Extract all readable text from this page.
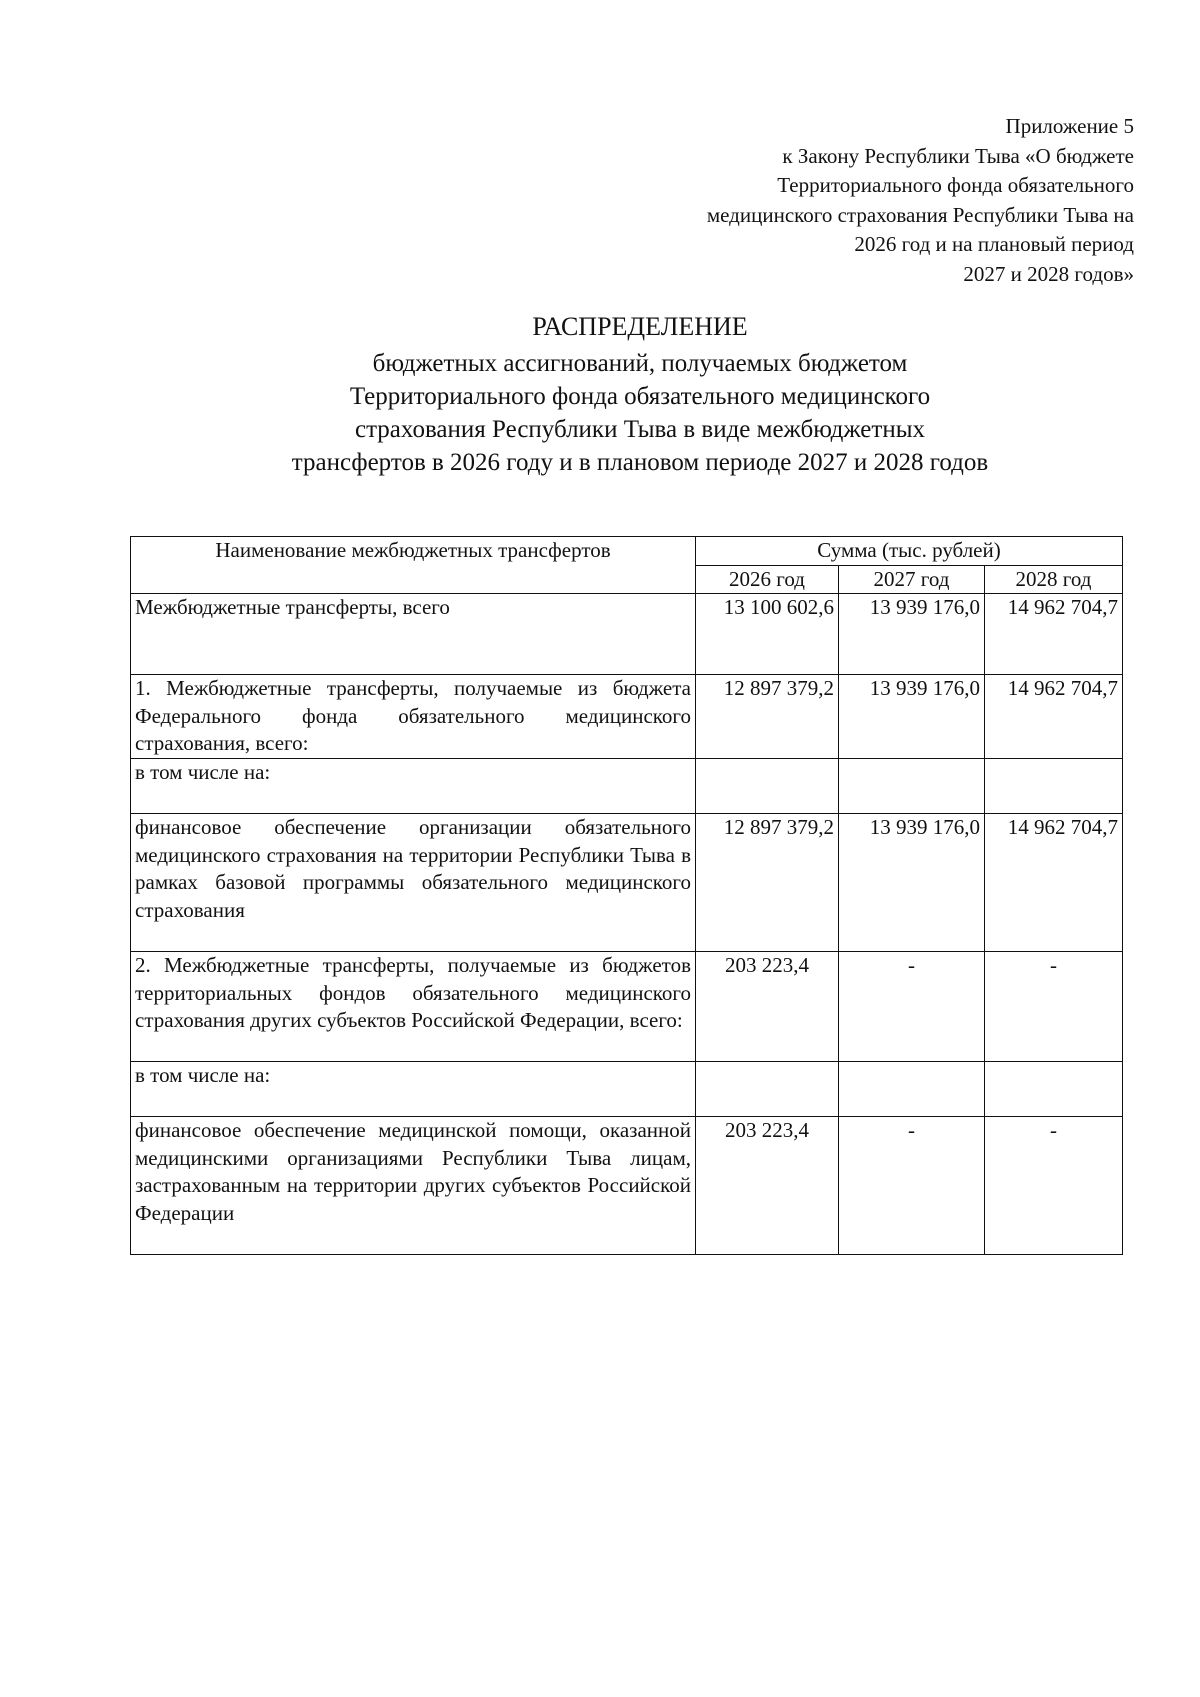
Приложение 5
к Закону Республики Тыва «О бюджете
Территориального фонда обязательного
медицинского страхования Республики Тыва на
2026 год и на плановый период
2027 и 2028 годов»
РАСПРЕДЕЛЕНИЕ
бюджетных ассигнований, получаемых бюджетом
Территориального фонда обязательного медицинского
страхования Республики Тыва в виде межбюджетных
трансфертов в 2026 году и в плановом периоде 2027 и 2028 годов
Наименование межбюджетных трансфертов	Сумма (тыс. рублей)		
	2026 год	2027 год	2028 год
Межбюджетные трансферты, всего	13 100 602,6	13 939 176,0	14 962 704,7
1. Межбюджетные трансферты, получаемые из бюджета Федерального фонда обязательного медицинского страхования, всего:	12 897 379,2	13 939 176,0	14 962 704,7
в том числе на:			
финансовое обеспечение организации обязательного медицинского страхования на территории Республики Тыва в рамках базовой программы обязательного медицинского страхования	12 897 379,2	13 939 176,0	14 962 704,7
2. Межбюджетные трансферты, получаемые из бюджетов территориальных фондов обязательного медицинского страхования других субъектов Российской Федерации, всего:	203 223,4	-	-
в том числе на:			
финансовое обеспечение медицинской помощи, оказанной медицинскими организациями Республики Тыва лицам, застрахованным на территории других субъектов Российской Федерации	203 223,4	-	-
